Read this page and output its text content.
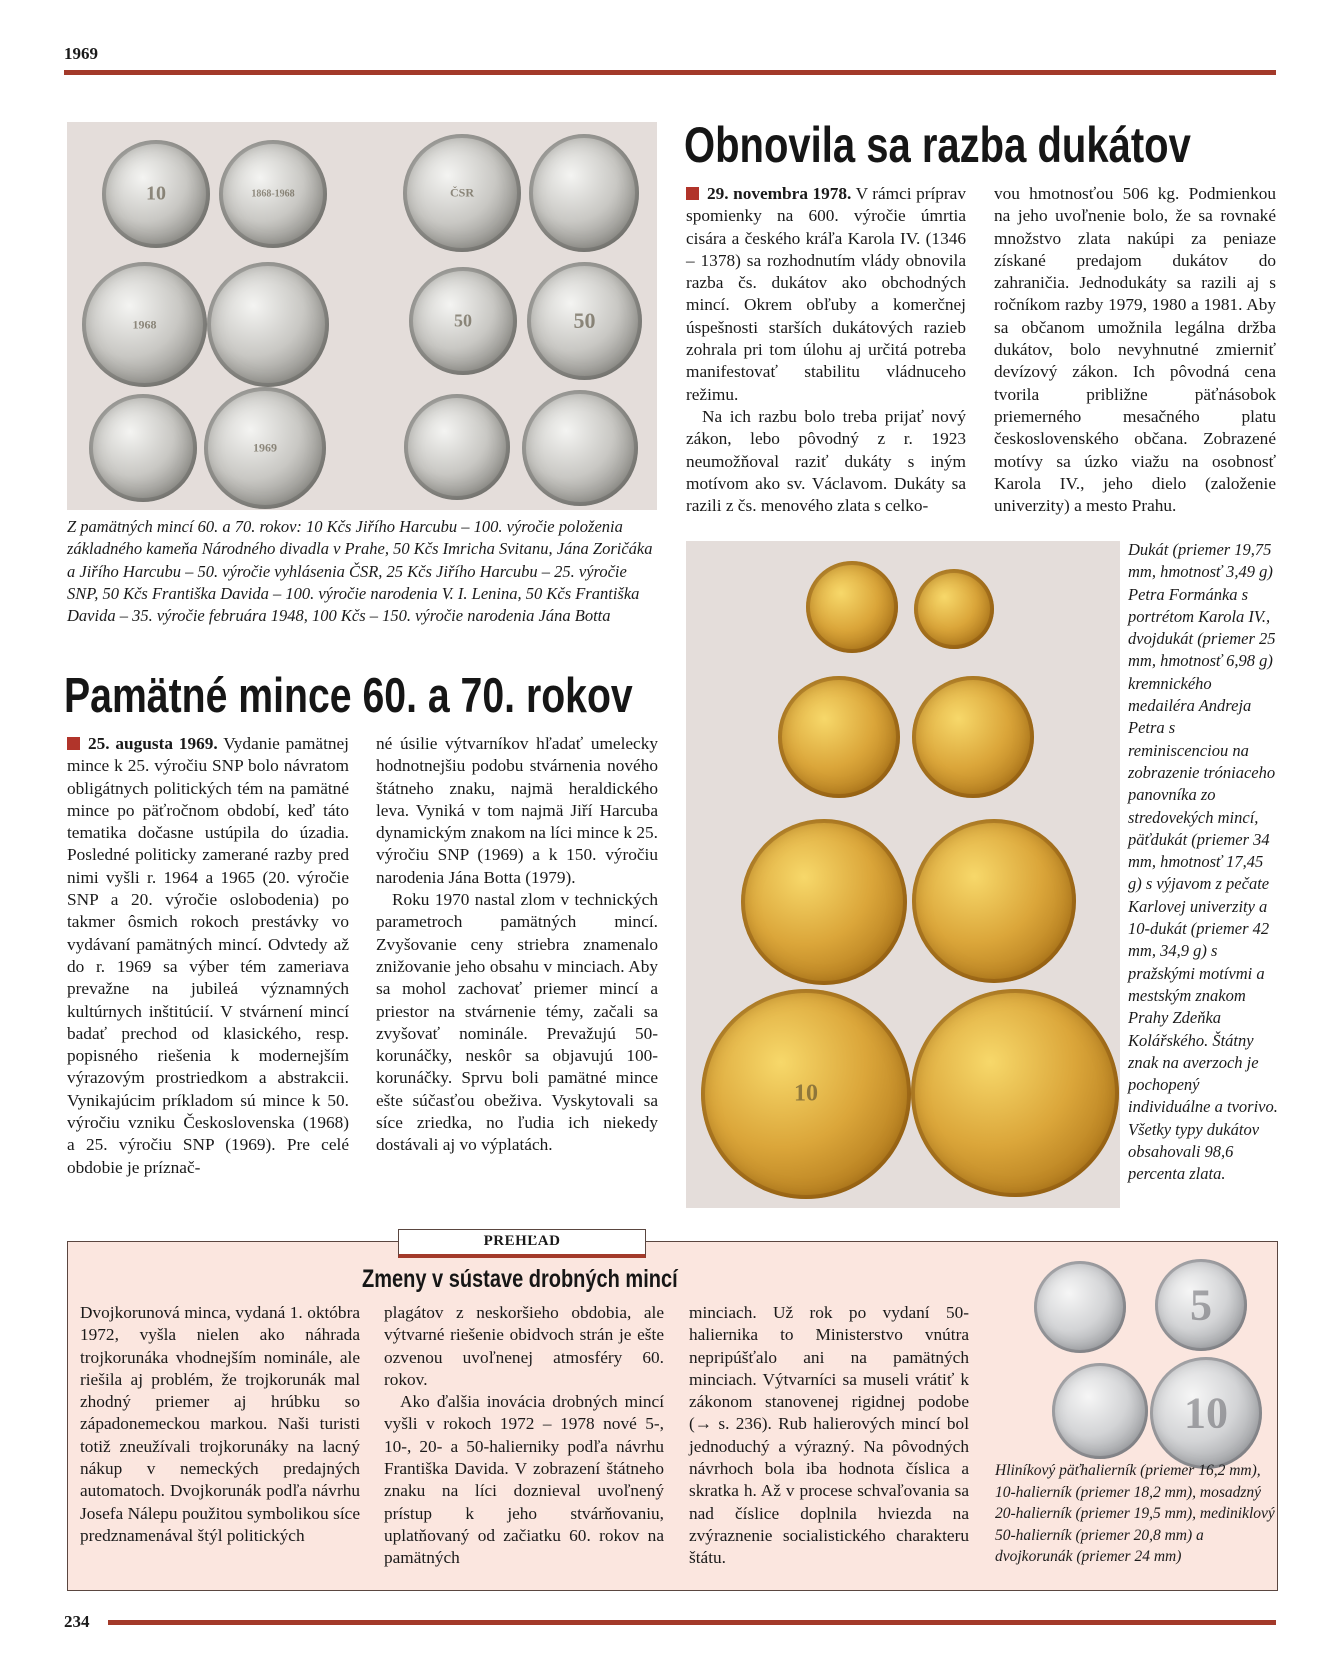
1969
10	1868-1968	ČSR
1968	50	50
1969
Z pamätných mincí 60. a 70. rokov: 10 Kčs Jiřího Harcubu – 100. výročie položenia základného kameňa Národného divadla v Prahe, 50 Kčs Imricha Svitanu, Jána Zoričáka a Jiřího Harcubu – 50. výročie vyhlásenia ČSR, 25 Kčs Jiřího Harcubu – 25. výročie SNP, 50 Kčs Františka Davida – 100. výročie narodenia V. I. Lenina, 50 Kčs Františka Davida – 35. výročie februára 1948, 100 Kčs – 150. výročie narodenia Jána Botta
Pamätné mince 60. a 70. rokov

25. augusta 1969. Vydanie pamätnej mince k 25. výročiu SNP bolo návratom obligátnych politických tém na pamätné mince po päťročnom období, keď táto tematika dočasne ustúpila do úzadia. Posledné politicky zamerané razby pred nimi vyšli r. 1964 a 1965 (20. výročie SNP a 20. výročie oslobodenia) po takmer ôsmich rokoch prestávky vo vydávaní pamätných mincí. Odvtedy až do r. 1969 sa výber tém zameriava prevažne na jubileá významných kultúrnych inštitúcií. V stvárnení mincí badať prechod od klasického, resp. popisného riešenia k modernejším výrazovým prostriedkom a abstrakcii. Vynikajúcim príkladom sú mince k 50. výročiu vzniku Československa (1968) a 25. výročiu SNP (1969). Pre celé obdobie je príznač-

né úsilie výtvarníkov hľadať umelecky hodnotnejšiu podobu stvárnenia nového štátneho znaku, najmä heraldického leva. Vyniká v tom najmä Jiří Harcuba dynamickým znakom na líci mince k 25. výročiu SNP (1969) a k 150. výročiu narodenia Jána Botta (1979).

Roku 1970 nastal zlom v technických parametroch pamätných mincí. Zvyšovanie ceny striebra znamenalo znižovanie jeho obsahu v minciach. Aby sa mohol zachovať priemer mincí a priestor na stvárnenie témy, začali sa zvyšovať nominále. Prevažujú 50-korunáčky, neskôr sa objavujú 100-korunáčky. Sprvu boli pamätné mince ešte súčasťou obeživa. Vyskytovali sa síce zriedka, no ľudia ich niekedy dostávali aj vo výplatách.

Obnovila sa razba dukátov

29. novembra 1978. V rámci príprav spomienky na 600. výročie úmrtia cisára a českého kráľa Karola IV. (1346 – 1378) sa rozhodnutím vlády obnovila razba čs. dukátov ako obchodných mincí. Okrem obľuby a komerčnej úspešnosti starších dukátových razieb zohrala pri tom úlohu aj určitá potreba manifestovať stabilitu vládnuceho režimu.

Na ich razbu bolo treba prijať nový zákon, lebo pôvodný z r. 1923 neumožňoval raziť dukáty s iným motívom ako sv. Václavom. Dukáty sa razili z čs. menového zlata s celko-

vou hmotnosťou 506 kg. Podmienkou na jeho uvoľnenie bolo, že sa rovnaké množstvo zlata nakúpi za peniaze získané predajom dukátov do zahraničia. Jednodukáty sa razili aj s ročníkom razby 1979, 1980 a 1981. Aby sa občanom umožnila legálna držba dukátov, bolo nevyhnutné zmierniť devízový zákon. Ich pôvodná cena tvorila približne päťnásobok priemerného mesačného platu československého občana. Zobrazené motívy sa úzko viažu na osobnosť Karola IV., jeho dielo (založenie univerzity) a mesto Prahu.

10
Dukát (priemer 19,75 mm, hmotnosť 3,49 g) Petra Formánka s portrétom Karola IV., dvojdukát (priemer 25 mm, hmotnosť 6,98 g) kremnického medailéra Andreja Petra s reminiscenciou na zobrazenie tróniaceho panovníka zo stredovekých mincí, päťdukát (priemer 34 mm, hmotnosť 17,45 g) s výjavom z pečate Karlovej univerzity a 10-dukát (priemer 42 mm, 34,9 g) s pražskými motívmi a mestským znakom Prahy Zdeňka Kolářského. Štátny znak na averzoch je pochopený individuálne a tvorivo. Všetky typy dukátov obsahovali 98,6 percenta zlata.
PREHĽAD
Zmeny v sústave drobných mincí

Dvojkorunová minca, vydaná 1. októbra 1972, vyšla nielen ako náhrada trojkorunáka vhodnejším nominále, ale riešila aj problém, že trojkorunák mal zhodný priemer aj hrúbku so západonemeckou markou. Naši turisti totiž zneužívali trojkorunáky na lacný nákup v nemeckých predajných automatoch. Dvojkorunák podľa návrhu Josefa Nálepu použitou symbolikou síce predznamenával štýl politických

plagátov z neskoršieho obdobia, ale výtvarné riešenie obidvoch strán je ešte ozvenou uvoľnenej atmosféry 60. rokov.

Ako ďalšia inovácia drobných mincí vyšli v rokoch 1972 – 1978 nové 5-, 10-, 20- a 50-halierniky podľa návrhu Františka Davida. V zobrazení štátneho znaku na líci doznieval uvoľnený prístup k jeho stvárňovaniu, uplatňovaný od začiatku 60. rokov na pamätných

minciach. Už rok po vydaní 50-haliernika to Ministerstvo vnútra nepripúšťalo ani na pamätných minciach. Výtvarníci sa museli vrátiť k zákonom stanovenej rigidnej podobe (→ s. 236). Rub halierových mincí bol jednoduchý a výrazný. Na pôvodných návrhoch bola iba hodnota číslica a skratka h. Až v procese schvaľovania sa nad číslice doplnila hviezda na zvýraznenie socialistického charakteru štátu.

5
10
Hliníkový päťhalierník (priemer 16,2 mm), 10-halierník (priemer 18,2 mm), mosadzný 20-halierník (priemer 19,5 mm), mediniklový 50-halierník (priemer 20,8 mm) a dvojkorunák (priemer 24 mm)
234
